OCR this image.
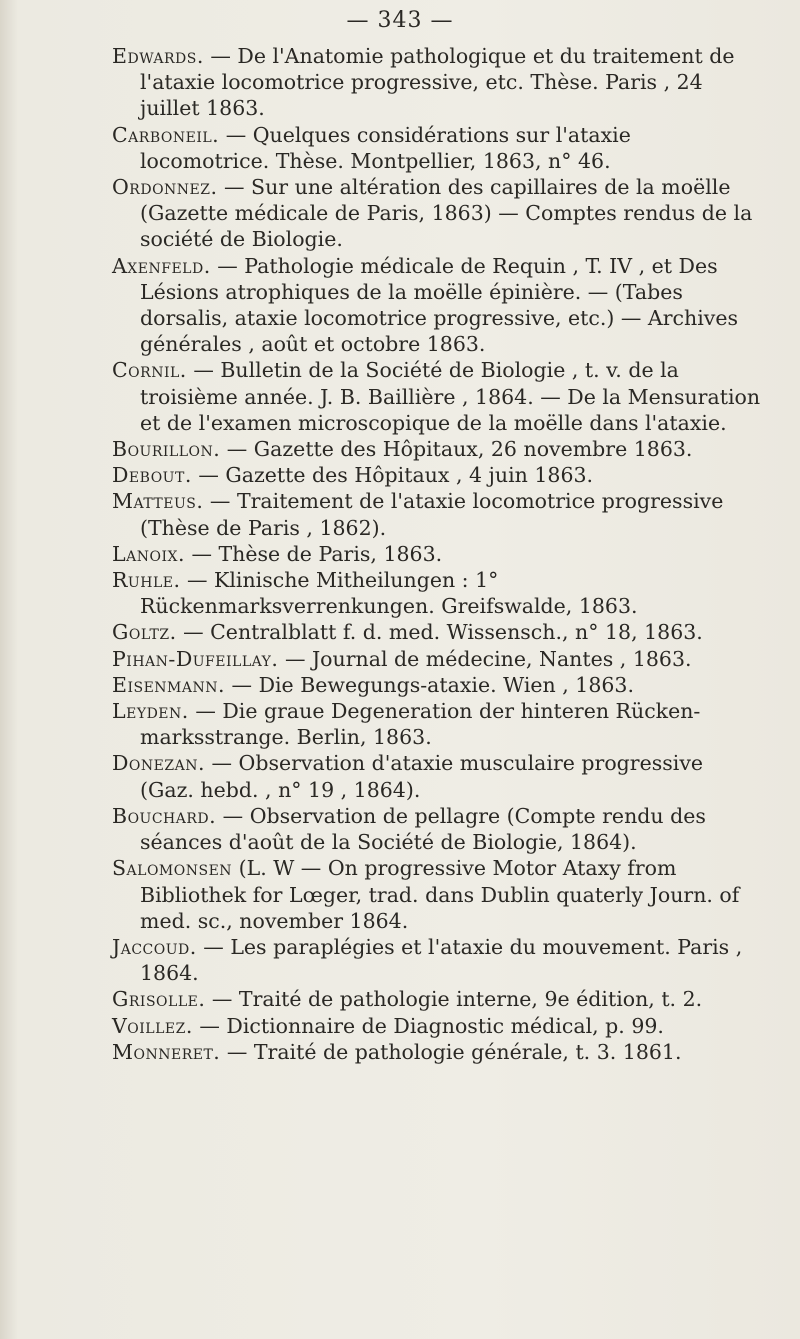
— 343 —

Edwards. — De l'Anatomie pathologique et du traitement de l'ataxie locomotrice progressive, etc. Thèse. Paris , 24 juillet 1863.

Carboneil. — Quelques considérations sur l'ataxie locomotrice. Thèse. Montpellier, 1863, n° 46.

Ordonnez. — Sur une altération des capillaires de la moëlle (Gazette médicale de Paris, 1863) — Comptes rendus de la société de Biologie.

Axenfeld. — Pathologie médicale de Requin , T. IV , et Des Lésions atrophiques de la moëlle épinière. — (Tabes dorsalis, ataxie locomotrice progressive, etc.) — Archives générales , août et octobre 1863.

Cornil. — Bulletin de la Société de Biologie , t. v. de la troisième année. J. B. Baillière , 1864. — De la Mensuration et de l'examen microscopique de la moëlle dans l'ataxie.

Bourillon. — Gazette des Hôpitaux, 26 novembre 1863.

Debout. — Gazette des Hôpitaux , 4 juin 1863.

Matteus. — Traitement de l'ataxie locomotrice progressive (Thèse de Paris , 1862).

Lanoix. — Thèse de Paris, 1863.

Ruhle. — Klinische Mitheilungen : 1° Rückenmarksverrenkungen. Greifswalde, 1863.

Goltz. — Centralblatt f. d. med. Wissensch., n° 18, 1863.

Pihan-Dufeillay. — Journal de médecine, Nantes , 1863.

Eisenmann. — Die Bewegungs-ataxie. Wien , 1863.

Leyden. — Die graue Degeneration der hinteren Rücken-marksstrange. Berlin, 1863.

Donezan. — Observation d'ataxie musculaire progressive (Gaz. hebd. , n° 19 , 1864).

Bouchard. — Observation de pellagre (Compte rendu des séances d'août de la Société de Biologie, 1864).

Salomonsen (L. W — On progressive Motor Ataxy from Bibliothek for Lœger, trad. dans Dublin quaterly Journ. of med. sc., november 1864.

Jaccoud. — Les paraplégies et l'ataxie du mouvement. Paris , 1864.

Grisolle. — Traité de pathologie interne, 9e édition, t. 2.

Voillez. — Dictionnaire de Diagnostic médical, p. 99.

Monneret. — Traité de pathologie générale, t. 3. 1861.
